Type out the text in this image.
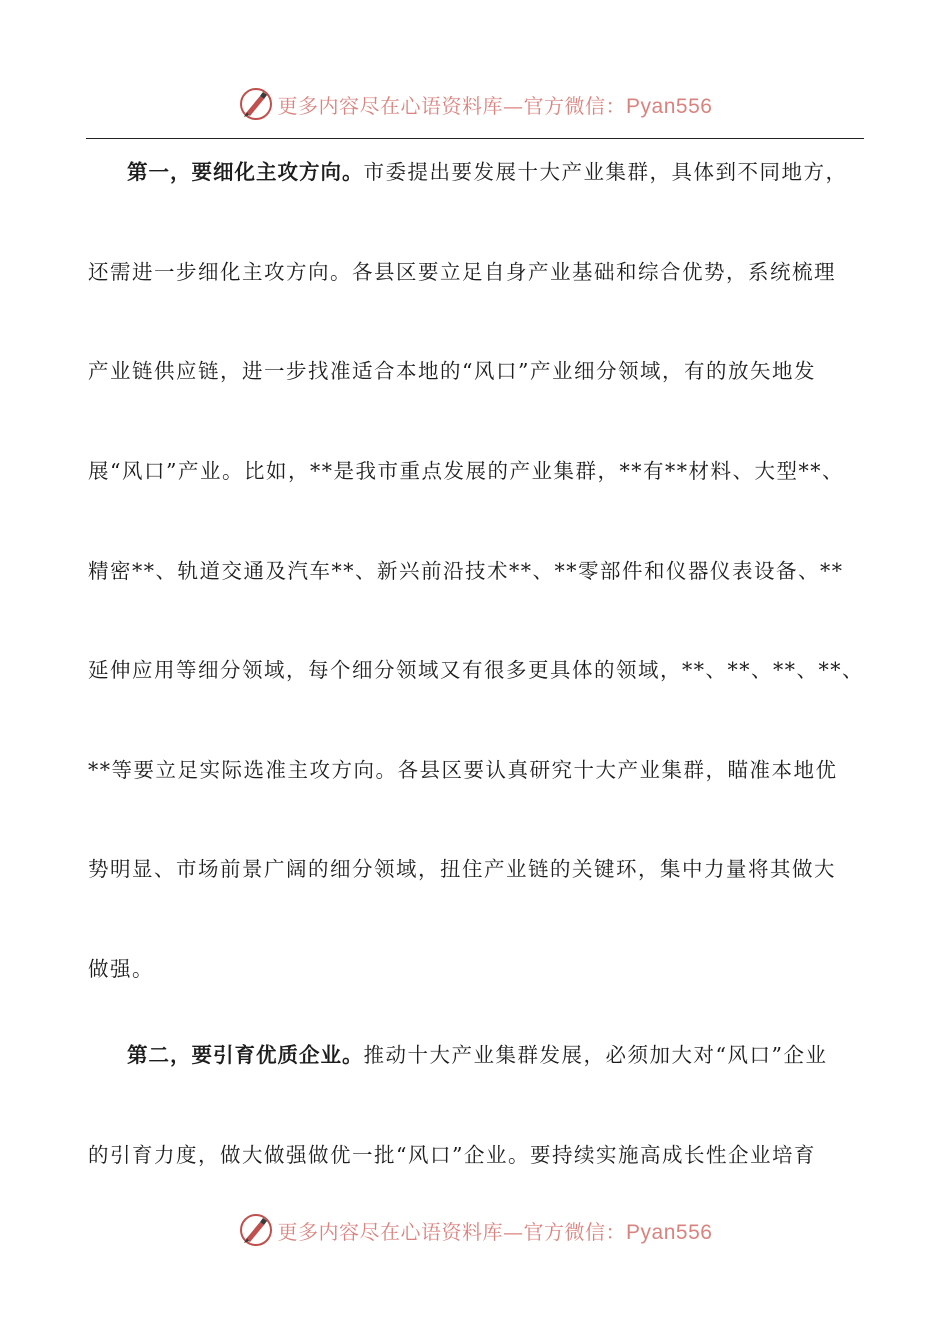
更多内容尽在心语资料库—官方微信：Pyan556
第一，要细化主攻方向。市委提出要发展十大产业集群，具体到不同地方，
还需进一步细化主攻方向。各县区要立足自身产业基础和综合优势，系统梳理
产业链供应链，进一步找准适合本地的“风口”产业细分领域，有的放矢地发
展“风口”产业。比如，**是我市重点发展的产业集群，**有**材料、大型**、
精密**、轨道交通及汽车**、新兴前沿技术**、**零部件和仪器仪表设备、**
延伸应用等细分领域，每个细分领域又有很多更具体的领域，**、**、**、**、
**等要立足实际选准主攻方向。各县区要认真研究十大产业集群，瞄准本地优
势明显、市场前景广阔的细分领域，扭住产业链的关键环，集中力量将其做大
做强。
第二，要引育优质企业。推动十大产业集群发展，必须加大对“风口”企业
的引育力度，做大做强做优一批“风口”企业。要持续实施高成长性企业培育
更多内容尽在心语资料库—官方微信：Pyan556
